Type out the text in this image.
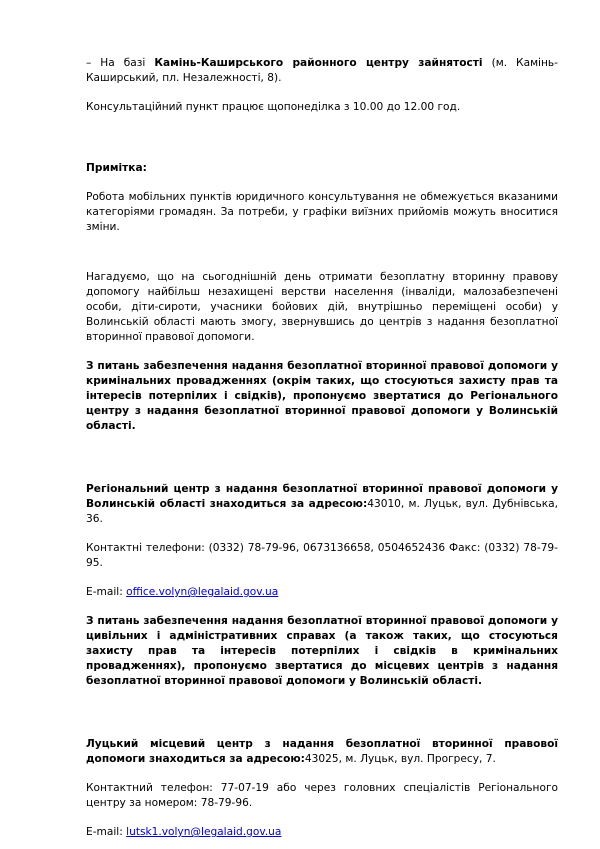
– На базі Камінь-Каширського районного центру зайнятості (м. Камінь-Каширський, пл. Незалежності, 8).

Консультаційний пункт працює щопонеділка з 10.00 до 12.00 год.

Примітка:

Робота мобільних пунктів юридичного консультування не обмежується вказаними категоріями громадян. За потреби, у графіки виїзних прийомів можуть вноситися зміни.

Нагадуємо, що на сьогоднішній день отримати безоплатну вторинну правову допомогу найбільш незахищені верстви населення (інваліди, малозабезпечені особи, діти-сироти, учасники бойових дій, внутрішньо переміщені особи) у Волинській області мають змогу, звернувшись до центрів з надання безоплатної вторинної правової допомоги.

З питань забезпечення надання безоплатної вторинної правової допомоги у кримінальних провадженнях (окрім таких, що стосуються захисту прав та інтересів потерпілих і свідків), пропонуємо звертатися до Регіонального центру з надання безоплатної вторинної правової допомоги у Волинській області.

Регіональний центр з надання безоплатної вторинної правової допомоги у Волинській області знаходиться за адресою:43010, м. Луцьк, вул. Дубнівська, 36.

Контактні телефони: (0332) 78-79-96, 0673136658, 0504652436 Факс: (0332) 78-79-95.

E-mail: office.volyn@legalaid.gov.ua

З питань забезпечення надання безоплатної вторинної правової допомоги у цивільних і адміністративних справах (а також таких, що стосуються захисту прав та інтересів потерпілих і свідків в кримінальних провадженнях), пропонуємо звертатися до місцевих центрів з надання безоплатної вторинної правової допомоги у Волинській області.

Луцький місцевий центр з надання безоплатної вторинної правової допомоги знаходиться за адресою:43025, м. Луцьк, вул. Прогресу, 7.

Контактний телефон: 77-07-19 або через головних спеціалістів Регіонального центру за номером: 78-79-96.

E-mail: lutsk1.volyn@legalaid.gov.ua
